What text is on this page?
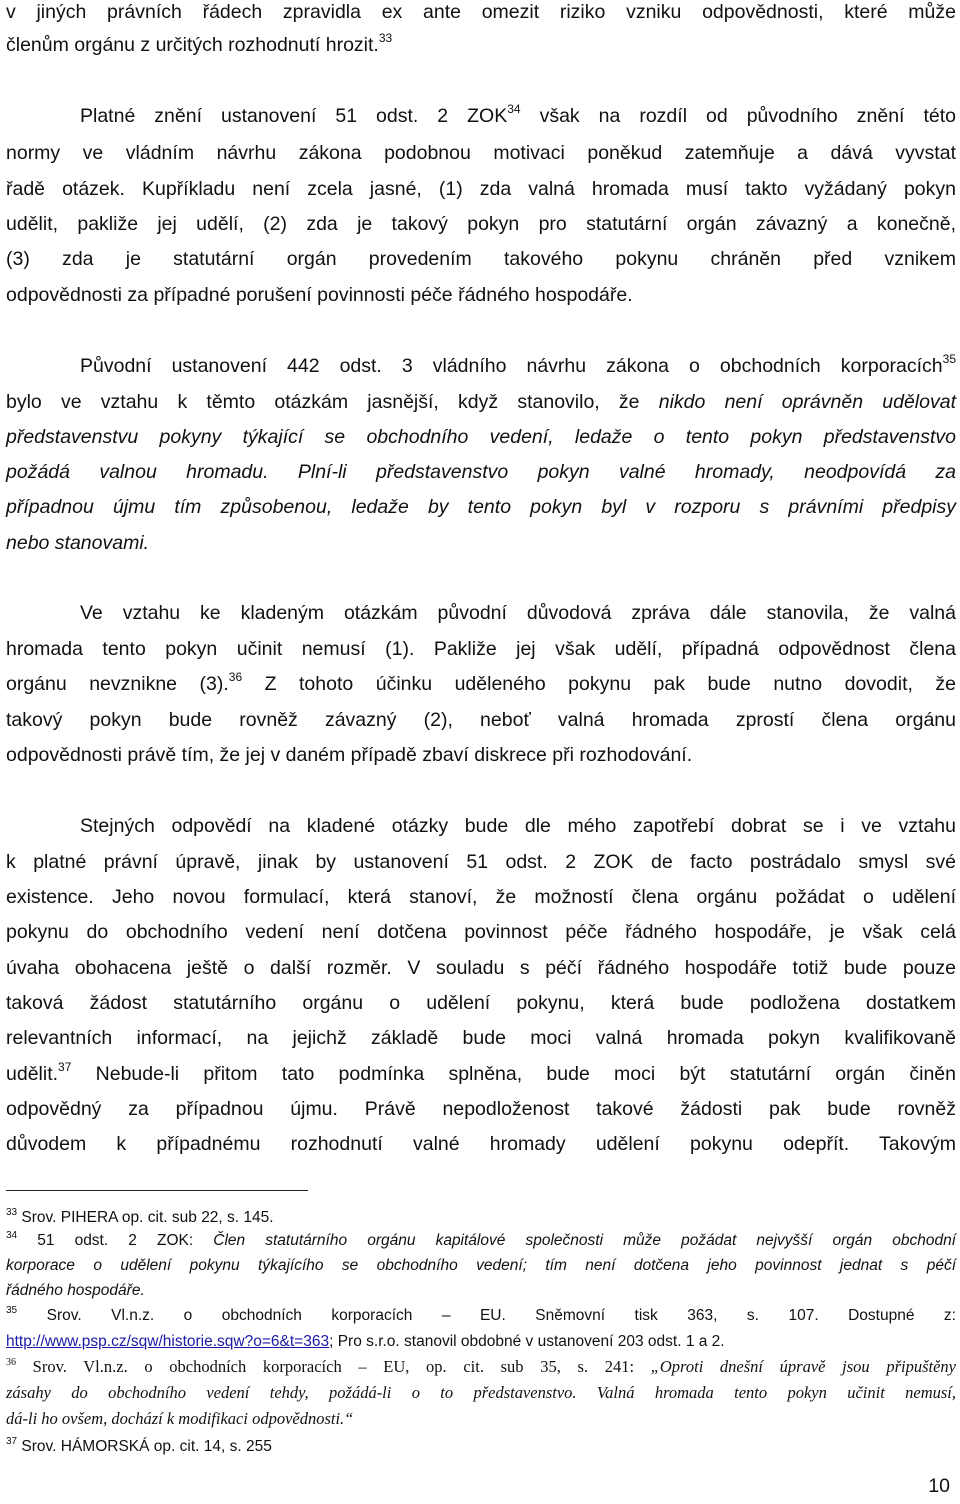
v jiných právních řádech zpravidla ex ante omezit riziko vzniku odpovědnosti, které může
členům orgánu z určitých rozhodnutí hrozit.$^{33}$
Platné znění ustanovení 51 odst. 2 ZOK$^{34}$ však na rozdíl od původního znění této
normy ve vládním návrhu zákona podobnou motivaci poněkud zatemňuje a dává vyvstat
řadě otázek. Kupříkladu není zcela jasné, (1) zda valná hromada musí takto vyžádaný pokyn
udělit, pakliže jej udělí, (2) zda je takový pokyn pro statutární orgán závazný a konečně,
(3) zda je statutární orgán provedením takového pokynu chráněn před vznikem
odpovědnosti za případné porušení povinnosti péče řádného hospodáře.
Původní ustanovení 442 odst. 3 vládního návrhu zákona o obchodních korporacích$^{35}$
bylo ve vztahu k těmto otázkám jasnější, když stanovilo, že nikdo není oprávněn udělovat
představenstvu pokyny týkající se obchodního vedení, ledaže o tento pokyn představenstvo
požádá valnou hromadu. Plní-li představenstvo pokyn valné hromady, neodpovídá za
případnou újmu tím způsobenou, ledaže by tento pokyn byl v rozporu s právními předpisy
nebo stanovami.
Ve vztahu ke kladeným otázkám původní důvodová zpráva dále stanovila, že valná
hromada tento pokyn učinit nemusí (1). Pakliže jej však udělí, případná odpovědnost člena
orgánu nevznikne (3).$^{36}$ Z tohoto účinku uděleného pokynu pak bude nutno dovodit, že
takový pokyn bude rovněž závazný (2), neboť valná hromada zprostí člena orgánu
odpovědnosti právě tím, že jej v daném případě zbaví diskrece při rozhodování.
Stejných odpovědí na kladené otázky bude dle mého zapotřebí dobrat se i ve vztahu
k platné právní úpravě, jinak by ustanovení 51 odst. 2 ZOK de facto postrádalo smysl své
existence. Jeho novou formulací, která stanoví, že možností člena orgánu požádat o udělení
pokynu do obchodního vedení není dotčena povinnost péče řádného hospodáře, je však celá
úvaha obohacena ještě o další rozměr. V souladu s péčí řádného hospodáře totiž bude pouze
taková žádost statutárního orgánu o udělení pokynu, která bude podložena dostatkem
relevantních informací, na jejichž základě bude moci valná hromada pokyn kvalifikovaně
udělit.$^{37}$ Nebude-li přitom tato podmínka splněna, bude moci být statutární orgán činěn
odpovědný za případnou újmu. Právě nepodloženost takové žádosti pak bude rovněž
důvodem k případnému rozhodnutí valné hromady udělení pokynu odepřít. Takovým
$^{33}$ Srov. PIHERA op. cit. sub 22, s. 145.
$^{34}$ 51 odst. 2 ZOK: Člen statutárního orgánu kapitálové společnosti může požádat nejvyšší orgán obchodní
korporace o udělení pokynu týkajícího se obchodního vedení; tím není dotčena jeho povinnost jednat s péčí
řádného hospodáře.
$^{35}$ Srov. Vl.n.z. o obchodních korporacích – EU. Sněmovní tisk 363, s. 107. Dostupné z:
http://www.psp.cz/sqw/historie.sqw?o=6&t=363; Pro s.r.o. stanovil obdobné v ustanovení 203 odst. 1 a 2.
$^{36}$ Srov. Vl.n.z. o obchodních korporacích – EU, op. cit. sub 35, s. 241: „Oproti dnešní úpravě jsou připuštěny
zásahy do obchodního vedení tehdy, požádá-li o to představenstvo. Valná hromada tento pokyn učinit nemusí,
dá-li ho ovšem, dochází k modifikaci odpovědnosti.“
$^{37}$ Srov. HÁMORSKÁ op. cit. 14, s. 255
10
